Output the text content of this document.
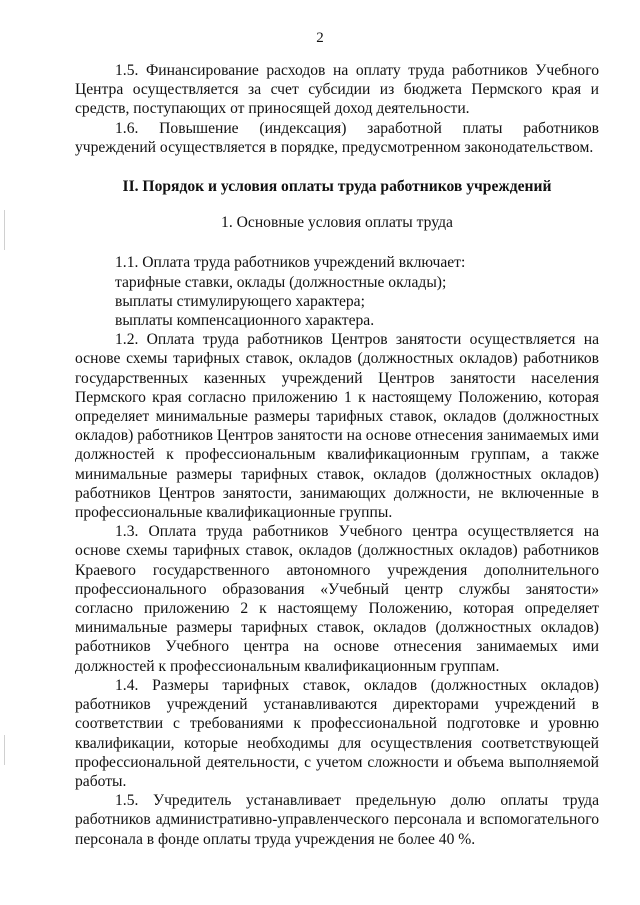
2

1.5. Финансирование расходов на оплату труда работников Учебного Центра осуществляется за счет субсидии из бюджета Пермского края и средств, поступающих от приносящей доход деятельности.

1.6. Повышение (индексация) заработной платы работников учреждений осуществляется в порядке, предусмотренном законодательством.

II. Порядок и условия оплаты труда работников учреждений

1. Основные условия оплаты труда

1.1. Оплата труда работников учреждений включает:

тарифные ставки, оклады (должностные оклады);

выплаты стимулирующего характера;

выплаты компенсационного характера.

1.2. Оплата труда работников Центров занятости осуществляется на основе схемы тарифных ставок, окладов (должностных окладов) работников государственных казенных учреждений Центров занятости населения Пермского края согласно приложению 1 к настоящему Положению, которая определяет минимальные размеры тарифных ставок, окладов (должностных окладов) работников Центров занятости на основе отнесения занимаемых ими должностей к профессиональным квалификационным группам, а также минимальные размеры тарифных ставок, окладов (должностных окладов) работников Центров занятости, занимающих должности, не включенные в профессиональные квалификационные группы.

1.3. Оплата труда работников Учебного центра осуществляется на основе схемы тарифных ставок, окладов (должностных окладов) работников Краевого государственного автономного учреждения дополнительного профессионального образования «Учебный центр службы занятости» согласно приложению 2 к настоящему Положению, которая определяет минимальные размеры тарифных ставок, окладов (должностных окладов) работников Учебного центра на основе отнесения занимаемых ими должностей к профессиональным квалификационным группам.

1.4. Размеры тарифных ставок, окладов (должностных окладов) работников учреждений устанавливаются директорами учреждений в соответствии с требованиями к профессиональной подготовке и уровню квалификации, которые необходимы для осуществления соответствующей профессиональной деятельности, с учетом сложности и объема выполняемой работы.

1.5. Учредитель устанавливает предельную долю оплаты труда работников административно-управленческого персонала и вспомогательного персонала в фонде оплаты труда учреждения не более 40 %.
